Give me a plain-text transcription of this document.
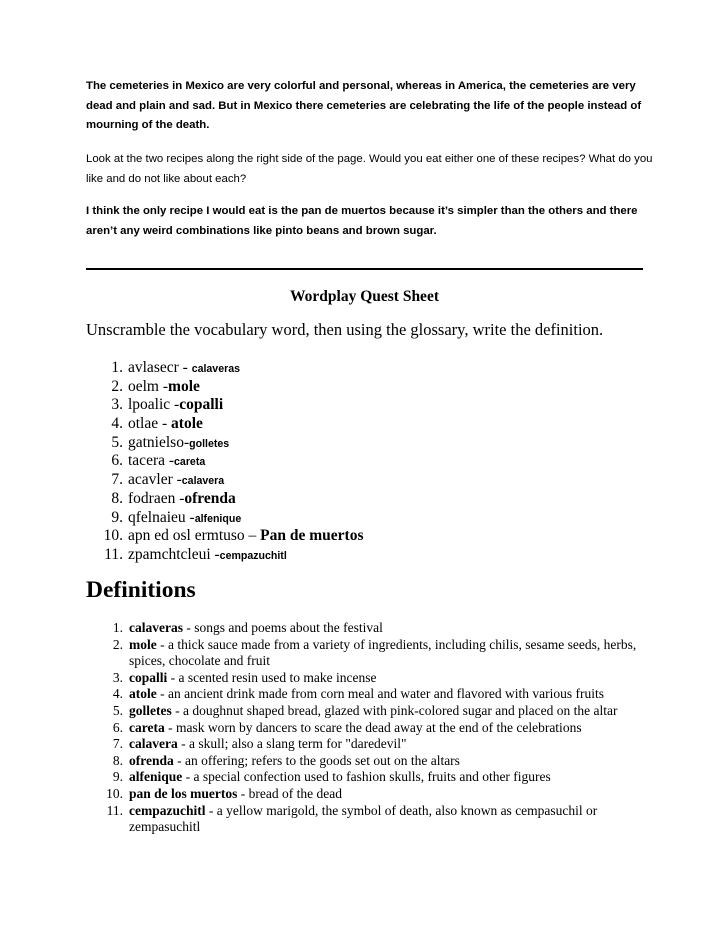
The cemeteries in Mexico are very colorful and personal, whereas in America, the cemeteries are very dead and plain and sad. But in Mexico there cemeteries are celebrating the life of the people instead of mourning of the death.

Look at the two recipes along the right side of the page. Would you eat either one of these recipes? What do you like and do not like about each?

I think the only recipe I would eat is the pan de muertos because it’s simpler than the others and there aren’t any weird combinations like pinto beans and brown sugar.

Wordplay Quest Sheet
Unscramble the vocabulary word, then using the glossary, write the definition.
1. avlasecr - calaveras
2. oelm -mole
3. lpoalic -copalli
4. otlae - atole
5. gatnielso-golletes
6. tacera -careta
7. acavler -calavera
8. fodraen -ofrenda
9. qfelnaieu -alfenique
10. apn ed osl ermtuso – Pan de muertos
11. zpamchtcleui -cempazuchitl
Definitions
1. calaveras - songs and poems about the festival
2. mole - a thick sauce made from a variety of ingredients, including chilis, sesame seeds, herbs, spices, chocolate and fruit
3. copalli - a scented resin used to make incense
4. atole - an ancient drink made from corn meal and water and flavored with various fruits
5. golletes - a doughnut shaped bread, glazed with pink-colored sugar and placed on the altar
6. careta - mask worn by dancers to scare the dead away at the end of the celebrations
7. calavera - a skull; also a slang term for "daredevil"
8. ofrenda - an offering; refers to the goods set out on the altars
9. alfenique - a special confection used to fashion skulls, fruits and other figures
10. pan de los muertos - bread of the dead
11. cempazuchitl - a yellow marigold, the symbol of death, also known as cempasuchil or zempasuchitl
